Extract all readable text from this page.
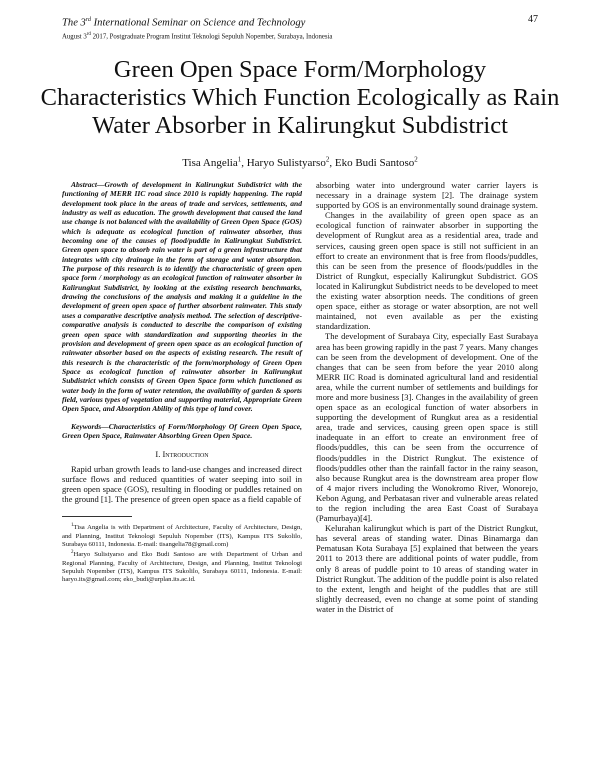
The 3rd International Seminar on Science and Technology
August 3rd 2017, Postgraduate Program Institut Teknologi Sepuluh Nopember, Surabaya, Indonesia
47
Green Open Space Form/Morphology Characteristics Which Function Ecologically as Rain Water Absorber in Kalirungkut Subdistrict
Tisa Angelia$^1$, Haryo Sulistyarso$^2$, Eko Budi Santoso$^2$

Abstract—Growth of development in Kalirungkut Subdistrict with the functioning of MERR IIC road since 2010 is rapidly happening. The rapid development took place in the areas of trade and services, settlements, and industry as well as education. The growth development that caused the land use change is not balanced with the availability of Green Open Space (GOS) which is adequate as ecological function of rainwater absorber, thus becoming one of the causes of flood/puddle in Kalirungkut Subdistrict. Green open space to absorb rain water is part of a green infrastructure that integrates with city drainage in the form of storage and water absorption. The purpose of this research is to identify the characteristic of green open space form / morphology as an ecological function of rainwater absorber in Kalirungkut Subdistrict, by looking at the existing research benchmarks, drawing the conclusions of the analysis and making it a guideline in the development of green open space of further absorbent rainwater. This study uses a comparative descriptive analysis method. The selection of descriptive-comparative analysis is conducted to describe the comparison of existing green open space with standardization and supporting theories in the provision and development of green open space as an ecological function of rainwater absorber based on the aspects of existing research. The result of this research is the characteristic of the form/morphology of Green Open Space as ecological function of rainwater absorber in Kalirungkut Subdistrict which consists of Green Open Space form which functioned as water body in the form of water retention, the availability of garden & sports field, various types of vegetation and supporting material, Appropriate Green Open Space, and Absorption Ability of this type of land cover.

Keywords—Characteristics of Form/Morphology Of Green Open Space, Green Open Space, Rainwater Absorbing Green Open Space.

I. Introduction

Rapid urban growth leads to land-use changes and increased direct surface flows and reduced quantities of water seeping into soil in green open space (GOS), resulting in flooding or puddles retained on the ground [1]. The presence of green open space as a field capable of

$^1$Tisa Angelia is with Department of Architecture, Faculty of Architecture, Design, and Planning, Institut Teknologi Sepuluh Nopember (ITS), Kampus ITS Sukolilo, Surabaya 60111, Indonesia. E-mail: tisangelia78@gmail.com)

$^2$Haryo Sulistyarso and Eko Budi Santoso are with Department of Urban and Regional Planning, Faculty of Architecture, Design, and Planning, Institut Teknologi Sepuluh Nopember (ITS), Kampus ITS Sukolilo, Surabaya 60111, Indonesia. E-mail: haryo.its@gmail.com; eko_budi@urplan.its.ac.id.

absorbing water into underground water carrier layers is necessary in a drainage system [2]. The drainage system supported by GOS is an environmentally sound drainage system.

Changes in the availability of green open space as an ecological function of rainwater absorber in supporting the development of Rungkut area as a residential area, trade and services, causing green open space is still not sufficient in an effort to create an environment that is free from floods/puddles, this can be seen from the presence of floods/puddles in the District of Rungkut, especially Kalirungkut Subdistrict. GOS located in Kalirungkut Subdistrict needs to be developed to meet the existing water absorption needs. The conditions of green open space, either as storage or water absorption, are not well maintained, not even available as per the existing standardization.

The development of Surabaya City, especially East Surabaya area has been growing rapidly in the past 7 years. Many changes can be seen from the development of development. One of the changes that can be seen from before the year 2010 along MERR IIC Road is dominated agricultural land and residential area, while the current number of settlements and buildings for more and more business [3]. Changes in the availability of green open space as an ecological function of water absorbers in supporting the development of Rungkut area as a residential area, trade and services, causing green open space is still inadequate in an effort to create an environment free of floods/puddles, this can be seen from the occurrence of floods/puddles in the District Rungkut. The existence of floods/puddles other than the rainfall factor in the rainy season, also because Rungkut area is the downstream area proper flow of 4 major rivers including the Wonokromo River, Wonorejo, Kebon Agung, and Perbatasan river and vulnerable areas related to the region including the area East Coast of Surabaya (Pamurbaya)[4].

Kelurahan kalirungkut which is part of the District Rungkut, has several areas of standing water. Dinas Binamarga dan Pematusan Kota Surabaya [5] explained that between the years 2011 to 2013 there are additional points of water puddle, from only 8 areas of puddle point to 10 areas of standing water in District Rungkut. The addition of the puddle point is also related to the extent, length and height of the puddles that are still slightly decreased, even no change at some point of standing water in the District of
